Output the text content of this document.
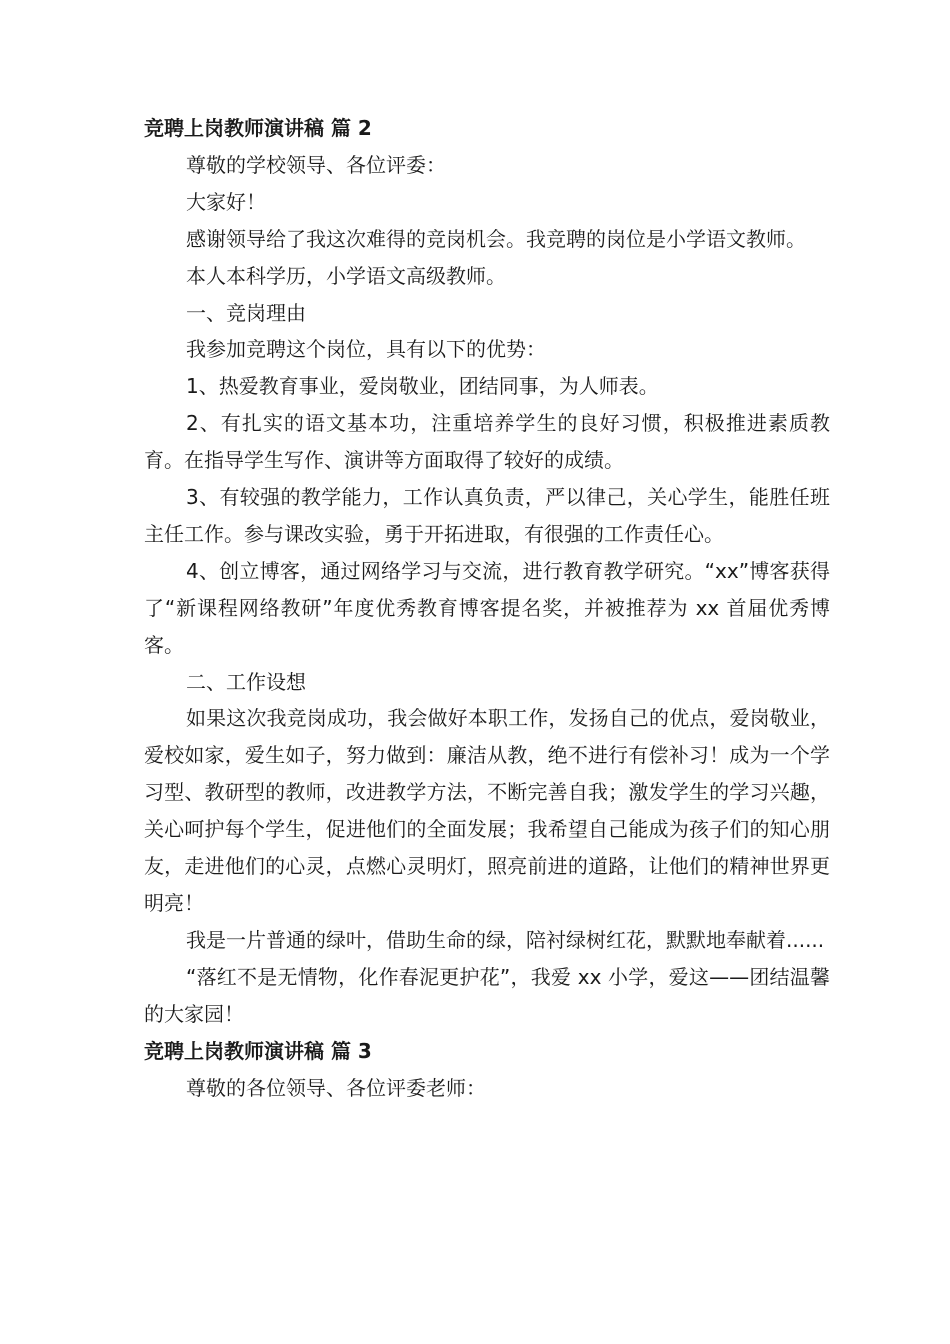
竞聘上岗教师演讲稿 篇 2

尊敬的学校领导、各位评委：

大家好！

感谢领导给了我这次难得的竞岗机会。我竞聘的岗位是小学语文教师。

本人本科学历，小学语文高级教师。

一、竞岗理由

我参加竞聘这个岗位，具有以下的优势：

1、热爱教育事业，爱岗敬业，团结同事，为人师表。

2、有扎实的语文基本功，注重培养学生的良好习惯，积极推进素质教育。在指导学生写作、演讲等方面取得了较好的成绩。

3、有较强的教学能力，工作认真负责，严以律己，关心学生，能胜任班主任工作。参与课改实验，勇于开拓进取，有很强的工作责任心。

4、创立博客，通过网络学习与交流，进行教育教学研究。“xx”博客获得了“新课程网络教研”年度优秀教育博客提名奖，并被推荐为 xx 首届优秀博客。

二、工作设想

如果这次我竞岗成功，我会做好本职工作，发扬自己的优点，爱岗敬业，爱校如家，爱生如子，努力做到：廉洁从教，绝不进行有偿补习！成为一个学习型、教研型的教师，改进教学方法，不断完善自我；激发学生的学习兴趣，关心呵护每个学生，促进他们的全面发展；我希望自己能成为孩子们的知心朋友，走进他们的心灵，点燃心灵明灯，照亮前进的道路，让他们的精神世界更明亮！

我是一片普通的绿叶，借助生命的绿，陪衬绿树红花，默默地奉献着......

“落红不是无情物，化作春泥更护花”，我爱 xx 小学，爱这——团结温馨的大家园！

竞聘上岗教师演讲稿 篇 3

尊敬的各位领导、各位评委老师：
